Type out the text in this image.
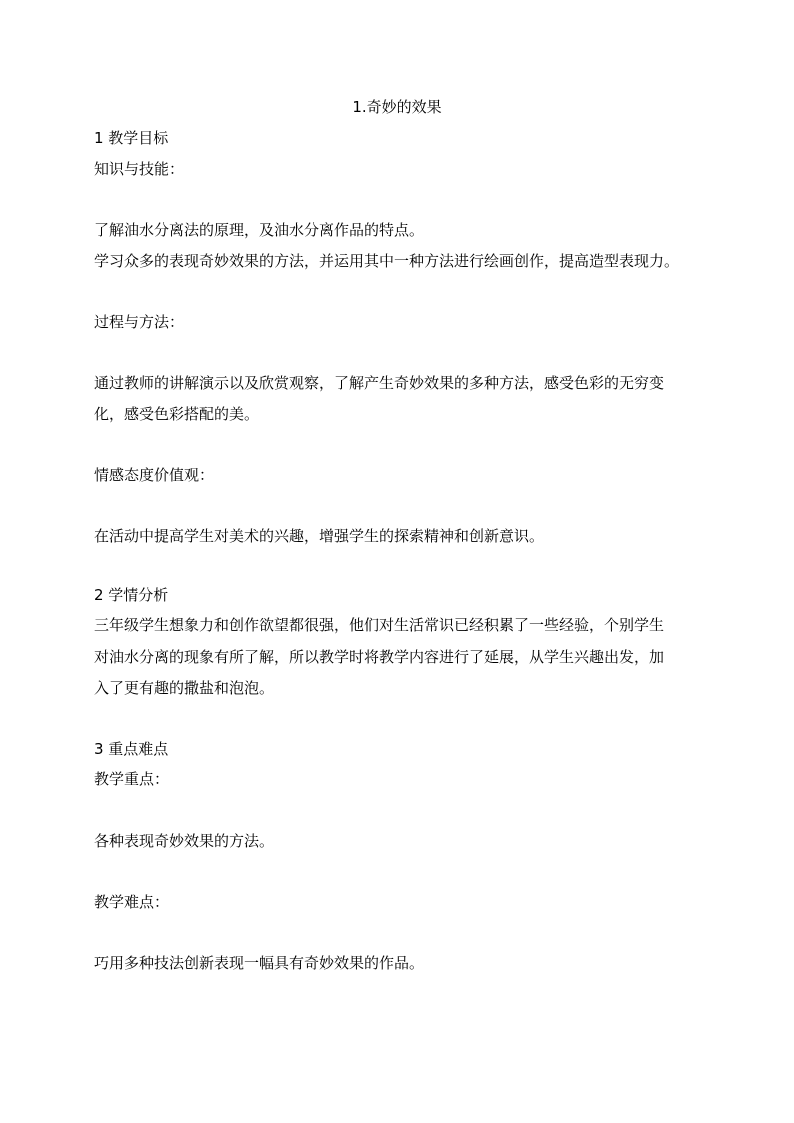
1.奇妙的效果

1 教学目标

知识与技能：

了解油水分离法的原理，及油水分离作品的特点。

学习众多的表现奇妙效果的方法，并运用其中一种方法进行绘画创作，提高造型表现力。

过程与方法：

通过教师的讲解演示以及欣赏观察，了解产生奇妙效果的多种方法，感受色彩的无穷变

化，感受色彩搭配的美。

情感态度价值观：

在活动中提高学生对美术的兴趣，增强学生的探索精神和创新意识。

2 学情分析

三年级学生想象力和创作欲望都很强，他们对生活常识已经积累了一些经验，个别学生

对油水分离的现象有所了解，所以教学时将教学内容进行了延展，从学生兴趣出发，加

入了更有趣的撒盐和泡泡。

3 重点难点

教学重点：

各种表现奇妙效果的方法。

教学难点：

巧用多种技法创新表现一幅具有奇妙效果的作品。
